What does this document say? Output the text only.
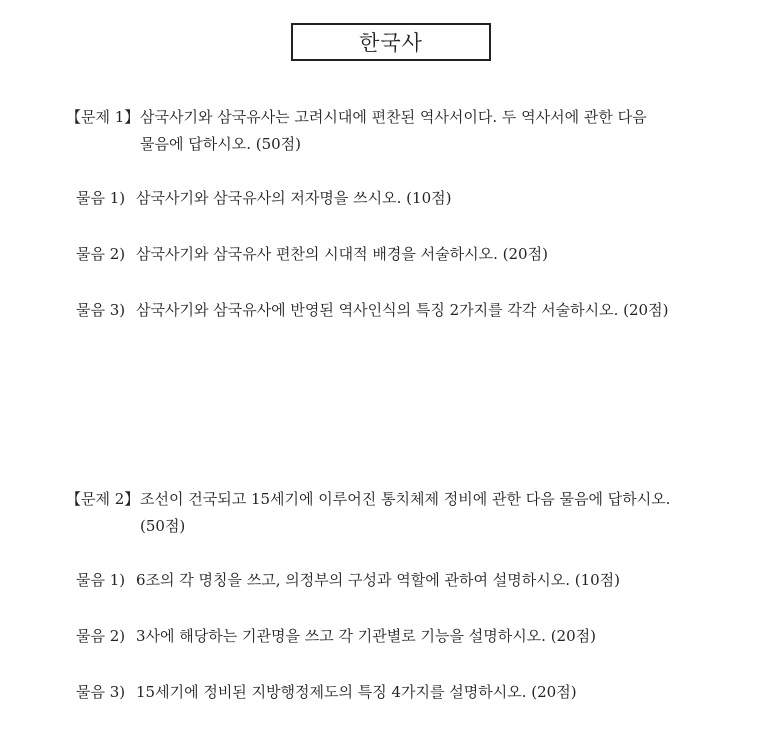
한국사
【문제 1】삼국사기와 삼국유사는 고려시대에 편찬된 역사서이다. 두 역사서에 관한 다음
물음에 답하시오. (50점)
물음 1) 삼국사기와 삼국유사의 저자명을 쓰시오. (10점)
물음 2) 삼국사기와 삼국유사 편찬의 시대적 배경을 서술하시오. (20점)
물음 3) 삼국사기와 삼국유사에 반영된 역사인식의 특징 2가지를 각각 서술하시오. (20점)
【문제 2】조선이 건국되고 15세기에 이루어진 통치체제 정비에 관한 다음 물음에 답하시오.
(50점)
물음 1) 6조의 각 명칭을 쓰고, 의정부의 구성과 역할에 관하여 설명하시오. (10점)
물음 2) 3사에 해당하는 기관명을 쓰고 각 기관별로 기능을 설명하시오. (20점)
물음 3) 15세기에 정비된 지방행정제도의 특징 4가지를 설명하시오. (20점)
